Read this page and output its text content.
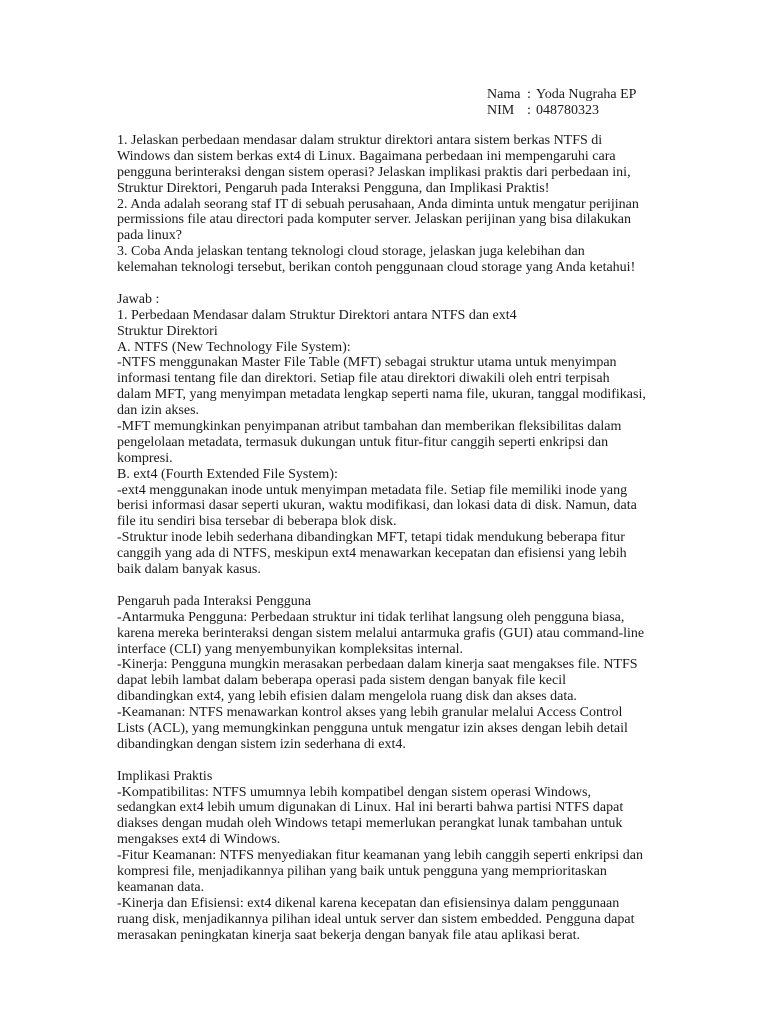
Nama : Yoda Nugraha EP
NIM : 048780323
1. Jelaskan perbedaan mendasar dalam struktur direktori antara sistem berkas NTFS di
Windows dan sistem berkas ext4 di Linux. Bagaimana perbedaan ini mempengaruhi cara
pengguna berinteraksi dengan sistem operasi? Jelaskan implikasi praktis dari perbedaan ini,
Struktur Direktori, Pengaruh pada Interaksi Pengguna, dan Implikasi Praktis!
2. Anda adalah seorang staf IT di sebuah perusahaan, Anda diminta untuk mengatur perijinan
permissions file atau directori pada komputer server. Jelaskan perijinan yang bisa dilakukan
pada linux?
3. Coba Anda jelaskan tentang teknologi cloud storage, jelaskan juga kelebihan dan
kelemahan teknologi tersebut, berikan contoh penggunaan cloud storage yang Anda ketahui!
Jawab :
1. Perbedaan Mendasar dalam Struktur Direktori antara NTFS dan ext4
Struktur Direktori
A. NTFS (New Technology File System):
-NTFS menggunakan Master File Table (MFT) sebagai struktur utama untuk menyimpan
informasi tentang file dan direktori. Setiap file atau direktori diwakili oleh entri terpisah
dalam MFT, yang menyimpan metadata lengkap seperti nama file, ukuran, tanggal modifikasi,
dan izin akses.
-MFT memungkinkan penyimpanan atribut tambahan dan memberikan fleksibilitas dalam
pengelolaan metadata, termasuk dukungan untuk fitur-fitur canggih seperti enkripsi dan
kompresi.
B. ext4 (Fourth Extended File System):
-ext4 menggunakan inode untuk menyimpan metadata file. Setiap file memiliki inode yang
berisi informasi dasar seperti ukuran, waktu modifikasi, dan lokasi data di disk. Namun, data
file itu sendiri bisa tersebar di beberapa blok disk.
-Struktur inode lebih sederhana dibandingkan MFT, tetapi tidak mendukung beberapa fitur
canggih yang ada di NTFS, meskipun ext4 menawarkan kecepatan dan efisiensi yang lebih
baik dalam banyak kasus.
Pengaruh pada Interaksi Pengguna
-Antarmuka Pengguna: Perbedaan struktur ini tidak terlihat langsung oleh pengguna biasa,
karena mereka berinteraksi dengan sistem melalui antarmuka grafis (GUI) atau command-line
interface (CLI) yang menyembunyikan kompleksitas internal.
-Kinerja: Pengguna mungkin merasakan perbedaan dalam kinerja saat mengakses file. NTFS
dapat lebih lambat dalam beberapa operasi pada sistem dengan banyak file kecil
dibandingkan ext4, yang lebih efisien dalam mengelola ruang disk dan akses data.
-Keamanan: NTFS menawarkan kontrol akses yang lebih granular melalui Access Control
Lists (ACL), yang memungkinkan pengguna untuk mengatur izin akses dengan lebih detail
dibandingkan dengan sistem izin sederhana di ext4.
Implikasi Praktis
-Kompatibilitas: NTFS umumnya lebih kompatibel dengan sistem operasi Windows,
sedangkan ext4 lebih umum digunakan di Linux. Hal ini berarti bahwa partisi NTFS dapat
diakses dengan mudah oleh Windows tetapi memerlukan perangkat lunak tambahan untuk
mengakses ext4 di Windows.
-Fitur Keamanan: NTFS menyediakan fitur keamanan yang lebih canggih seperti enkripsi dan
kompresi file, menjadikannya pilihan yang baik untuk pengguna yang memprioritaskan
keamanan data.
-Kinerja dan Efisiensi: ext4 dikenal karena kecepatan dan efisiensinya dalam penggunaan
ruang disk, menjadikannya pilihan ideal untuk server dan sistem embedded. Pengguna dapat
merasakan peningkatan kinerja saat bekerja dengan banyak file atau aplikasi berat.
